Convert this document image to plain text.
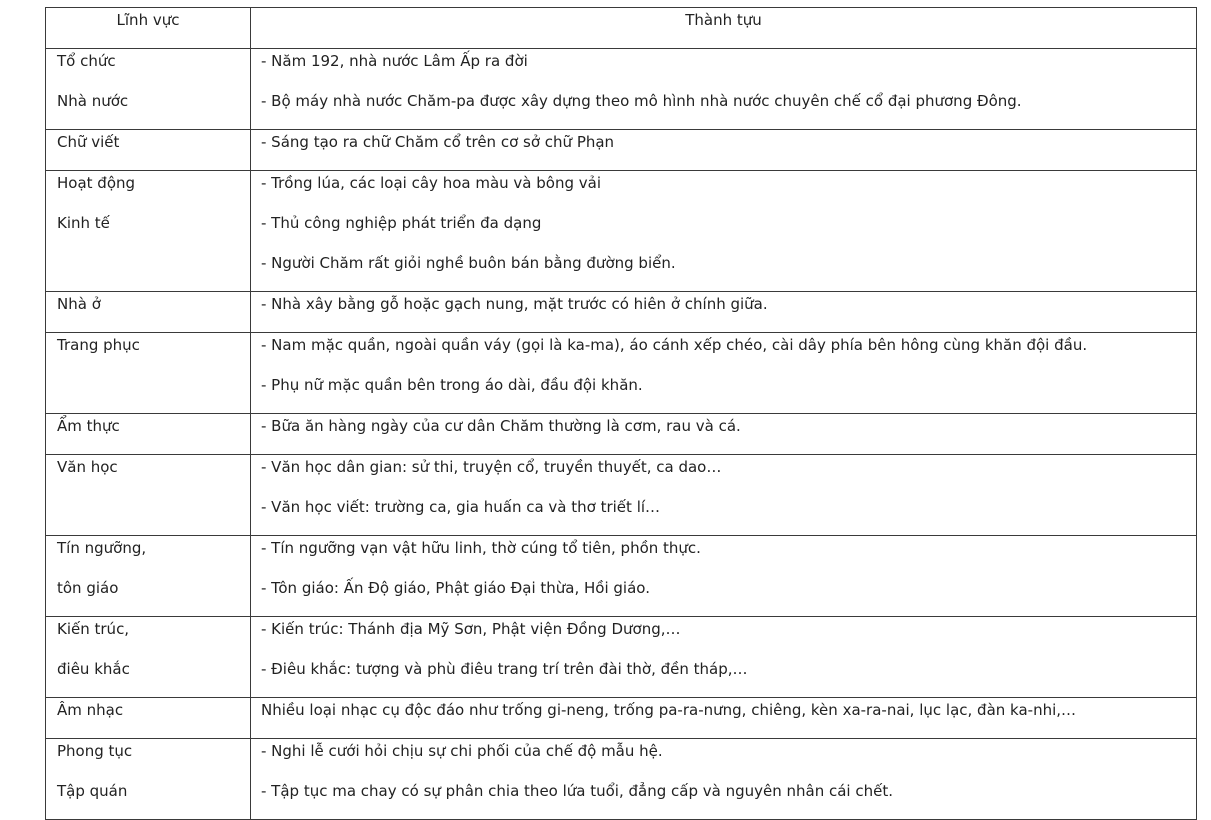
Lĩnh vực	Thành tựu

Tổ chức
Nhà nước	- Năm 192, nhà nước Lâm Ấp ra đời
- Bộ máy nhà nước Chăm-pa được xây dựng theo mô hình nhà nước chuyên chế cổ đại phương Đông.

Chữ viết	- Sáng tạo ra chữ Chăm cổ trên cơ sở chữ Phạn

Hoạt động
Kinh tế	- Trồng lúa, các loại cây hoa màu và bông vải
- Thủ công nghiệp phát triển đa dạng
- Người Chăm rất giỏi nghề buôn bán bằng đường biển.

Nhà ở	- Nhà xây bằng gỗ hoặc gạch nung, mặt trước có hiên ở chính giữa.

Trang phục	- Nam mặc quần, ngoài quần váy (gọi là ka-ma), áo cánh xếp chéo, cài dây phía bên hông cùng khăn đội đầu.
- Phụ nữ mặc quần bên trong áo dài, đầu đội khăn.

Ẩm thực	- Bữa ăn hàng ngày của cư dân Chăm thường là cơm, rau và cá.

Văn học	- Văn học dân gian: sử thi, truyện cổ, truyền thuyết, ca dao…
- Văn học viết: trường ca, gia huấn ca và thơ triết lí…

Tín ngưỡng,
tôn giáo	- Tín ngưỡng vạn vật hữu linh, thờ cúng tổ tiên, phồn thực.
- Tôn giáo: Ấn Độ giáo, Phật giáo Đại thừa, Hồi giáo.

Kiến trúc,
điêu khắc	- Kiến trúc: Thánh địa Mỹ Sơn, Phật viện Đồng Dương,…
- Điêu khắc: tượng và phù điêu trang trí trên đài thờ, đền tháp,…

Âm nhạc	Nhiều loại nhạc cụ độc đáo như trống gi-neng, trống pa-ra-nưng, chiêng, kèn xa-ra-nai, lục lạc, đàn ka-nhi,…

Phong tục
Tập quán	- Nghi lễ cưới hỏi chịu sự chi phối của chế độ mẫu hệ.
- Tập tục ma chay có sự phân chia theo lứa tuổi, đẳng cấp và nguyên nhân cái chết.
